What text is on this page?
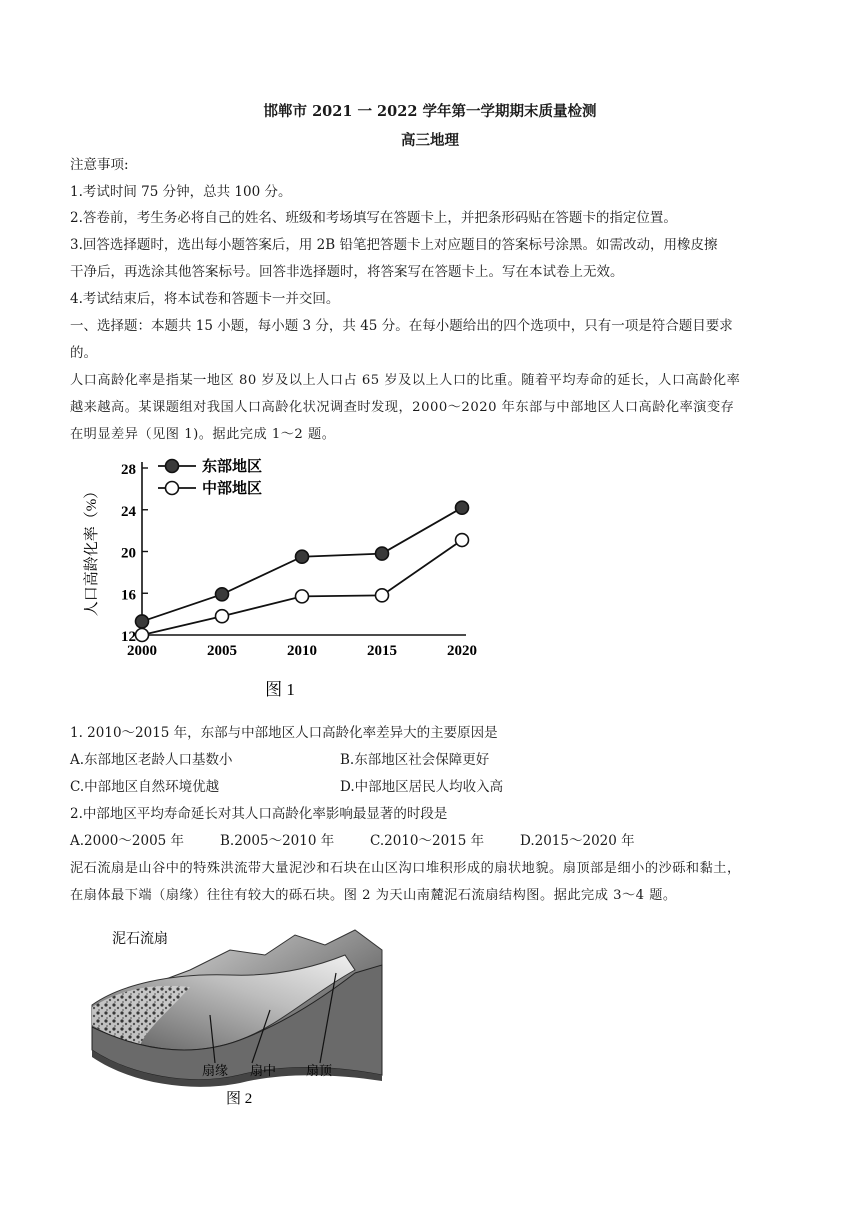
邯郸市 2021 一 2022 学年第一学期期末质量检测
高三地理
注意事项:
1.考试时间 75 分钟，总共 100 分。
2.答卷前，考生务必将自己的姓名、班级和考场填写在答题卡上，并把条形码贴在答题卡的指定位置。
3.回答选择题时，选出每小题答案后，用 2B 铅笔把答题卡上对应题目的答案标号涂黑。如需改动，用橡皮擦
干净后，再选涂其他答案标号。回答非选择题时，将答案写在答题卡上。写在本试卷上无效。
4.考试结束后，将本试卷和答题卡一并交回。
一、选择题：本题共 15 小题，每小题 3 分，共 45 分。在每小题给出的四个选项中，只有一项是符合题目要求
的。
人口高龄化率是指某一地区 80 岁及以上人口占 65 岁及以上人口的比重。随着平均寿命的延长，人口高龄化率
越来越高。某课题组对我国人口高龄化状况调查时发现，2000～2020 年东部与中部地区人口高龄化率演变存
在明显差异（见图 1)。据此完成 1～2 题。
12
16
20
24
28
2000	2005	2010	2015	2020
东部地区
中部地区
人口高龄化率（%）
图 1
1. 2010～2015 年，东部与中部地区人口高龄化率差异大的主要原因是
A.东部地区老龄人口基数小	B.东部地区社会保障更好
C.中部地区自然环境优越	D.中部地区居民人均收入高
2.中部地区平均寿命延长对其人口高龄化率影响最显著的时段是
A.2000～2005 年	B.2005～2010 年	C.2010～2015 年	D.2015～2020 年
泥石流扇是山谷中的特殊洪流带大量泥沙和石块在山区沟口堆积形成的扇状地貌。扇顶部是细小的沙砾和黏土，
在扇体最下端（扇缘）往往有较大的砾石块。图 2 为天山南麓泥石流扇结构图。据此完成 3～4 题。
泥石流扇
扇缘 扇中 扇顶
图 2
